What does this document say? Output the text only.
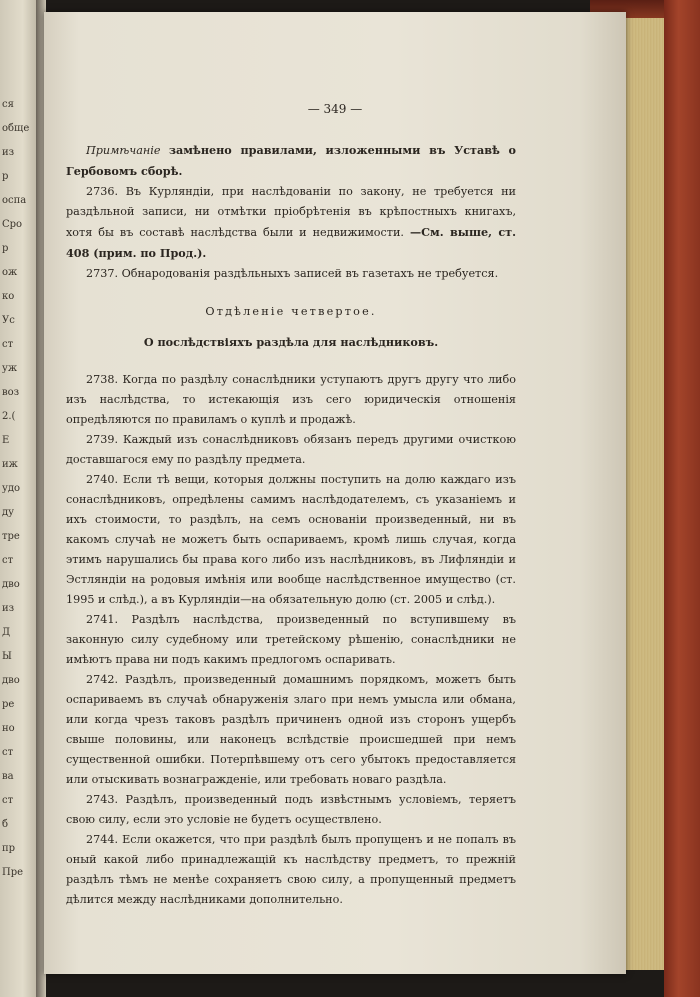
ся
обще
из
р
оспа
Сро
р
ож
ко
Ус
ст
уж
воз
2.(
Е
иж
удо
ду
тре
ст
дво
из
Д
Ы
дво
ре
но
ст
ва
ст
б
пр
Пре
— 349 —

Примѣчаніе замѣнено правилами, изложенными въ Уставѣ о Гербовомъ сборѣ.

2736. Въ Курляндіи, при наслѣдованіи по закону, не требуется ни раздѣльной записи, ни отмѣтки пріобрѣтенія въ крѣпостныхъ книгахъ, хотя бы въ составѣ наслѣдства были и недвижимости. —См. выше, ст. 408 (прим. по Прод.).

2737. Обнародованія раздѣльныхъ записей въ газетахъ не требуется.

Отдѣленіе четвертое.

О послѣдствіяхъ раздѣла для наслѣдниковъ.

2738. Когда по раздѣлу сонаслѣдники уступаютъ другъ другу что либо изъ наслѣдства, то истекающія изъ сего юридическія отношенія опредѣляются по правиламъ о куплѣ и продажѣ.

2739. Каждый изъ сонаслѣдниковъ обязанъ передъ другими очисткою доставшагося ему по раздѣлу предмета.

2740. Если тѣ вещи, которыя должны поступить на долю каждаго изъ сонаслѣдниковъ, опредѣлены самимъ наслѣдодателемъ, съ указаніемъ и ихъ стоимости, то раздѣлъ, на семъ основаніи произведенный, ни въ какомъ случаѣ не можетъ быть оспариваемъ, кромѣ лишь случая, когда этимъ нарушались бы права кого либо изъ наслѣдниковъ, въ Лифляндіи и Эстляндіи на родовыя имѣнія или вообще наслѣдственное имущество (ст. 1995 и слѣд.), а въ Курляндіи—на обязательную долю (ст. 2005 и слѣд.).

2741. Раздѣлъ наслѣдства, произведенный по вступившему въ законную силу судебному или третейскому рѣшенію, сонаслѣдники не имѣютъ права ни подъ какимъ предлогомъ оспаривать.

2742. Раздѣлъ, произведенный домашнимъ порядкомъ, можетъ быть оспариваемъ въ случаѣ обнаруженія злаго при немъ умысла или обмана, или когда чрезъ таковъ раздѣлъ причиненъ одной изъ сторонъ ущербъ свыше половины, или наконецъ вслѣдствіе происшедшей при немъ существенной ошибки. Потерпѣвшему отъ сего убытокъ предоставляется или отыскивать вознагражденіе, или требовать новаго раздѣла.

2743. Раздѣлъ, произведенный подъ извѣстнымъ условіемъ, теряетъ свою силу, если это условіе не будетъ осуществлено.

2744. Если окажется, что при раздѣлѣ былъ пропущенъ и не попалъ въ оный какой либо принадлежащій къ наслѣдству предметъ, то прежній раздѣлъ тѣмъ не менѣе сохраняетъ свою силу, а пропущенный предметъ дѣлится между наслѣдниками дополнительно.
